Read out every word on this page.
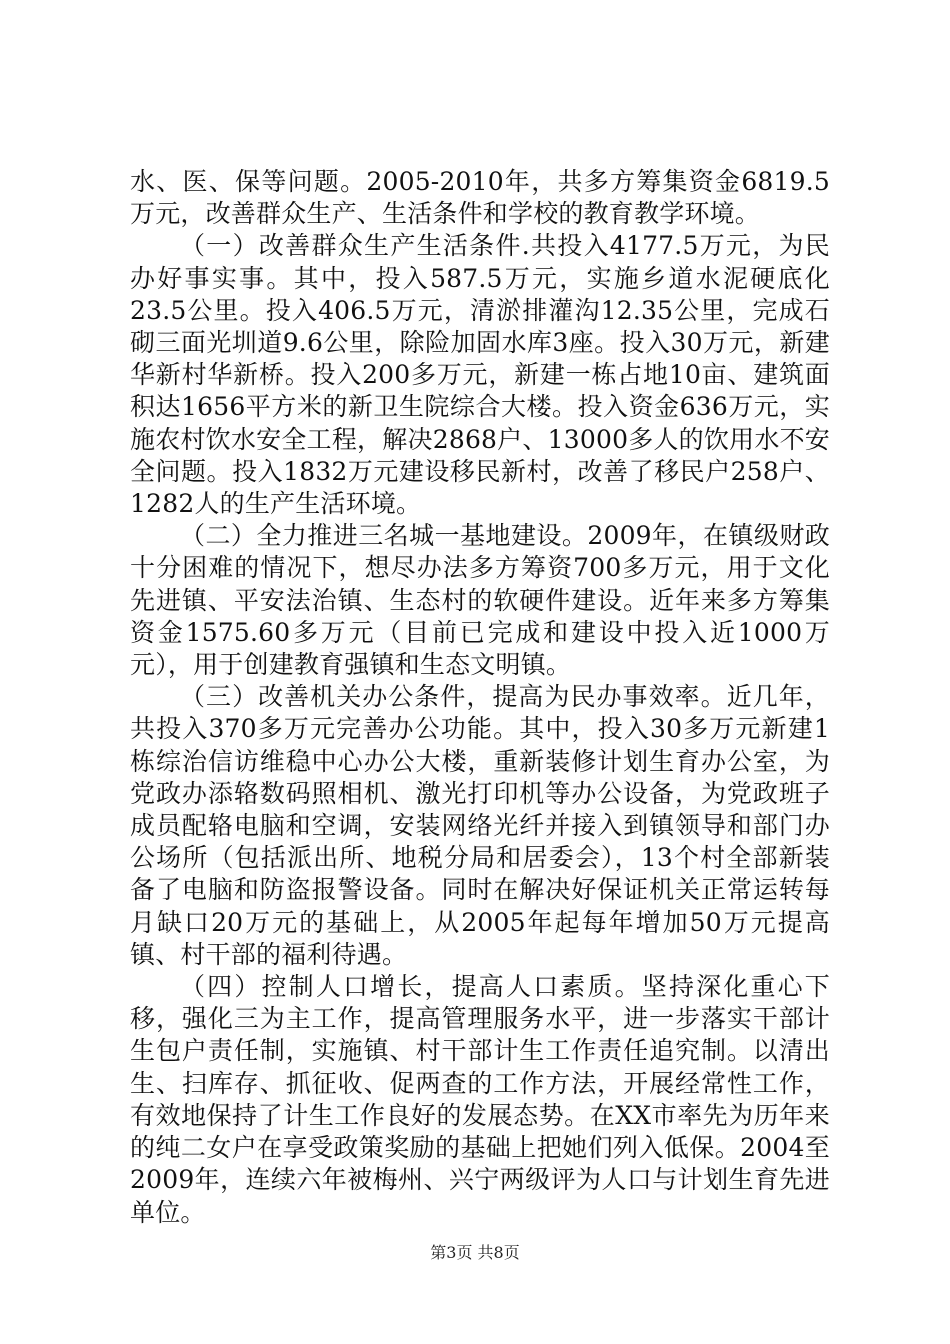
水、医、保等问题。2005-2010年，共多方筹集资金6819.5万元，改善群众生产、生活条件和学校的教育教学环境。

（一）改善群众生产生活条件.共投入4177.5万元，为民办好事实事。其中，投入587.5万元，实施乡道水泥硬底化23.5公里。投入406.5万元，清淤排灌沟12.35公里，完成石砌三面光圳道9.6公里，除险加固水库3座。投入30万元，新建华新村华新桥。投入200多万元，新建一栋占地10亩、建筑面积达1656平方米的新卫生院综合大楼。投入资金636万元，实施农村饮水安全工程，解决2868户、13000多人的饮用水不安全问题。投入1832万元建设移民新村，改善了移民户258户、1282人的生产生活环境。

（二）全力推进三名城一基地建设。2009年，在镇级财政十分困难的情况下，想尽办法多方筹资700多万元，用于文化先进镇、平安法治镇、生态村的软硬件建设。近年来多方筹集资金1575.60多万元（目前已完成和建设中投入近1000万元），用于创建教育强镇和生态文明镇。

（三）改善机关办公条件，提高为民办事效率。近几年，共投入370多万元完善办公功能。其中，投入30多万元新建1栋综治信访维稳中心办公大楼，重新装修计划生育办公室，为党政办添辂数码照相机、激光打印机等办公设备，为党政班子成员配辂电脑和空调，安装网络光纤并接入到镇领导和部门办公场所（包括派出所、地税分局和居委会），13个村全部新装备了电脑和防盗报警设备。同时在解决好保证机关正常运转每月缺口20万元的基础上，从2005年起每年增加50万元提高镇、村干部的福利待遇。

（四）控制人口增长，提高人口素质。坚持深化重心下移，强化三为主工作，提高管理服务水平，进一步落实干部计生包户责任制，实施镇、村干部计生工作责任追究制。以清出生、扫库存、抓征收、促两查的工作方法，开展经常性工作，有效地保持了计生工作良好的发展态势。在XX市率先为历年来的纯二女户在享受政策奖励的基础上把她们列入低保。2004至2009年，连续六年被梅州、兴宁两级评为人口与计划生育先进单位。

第3页 共8页
